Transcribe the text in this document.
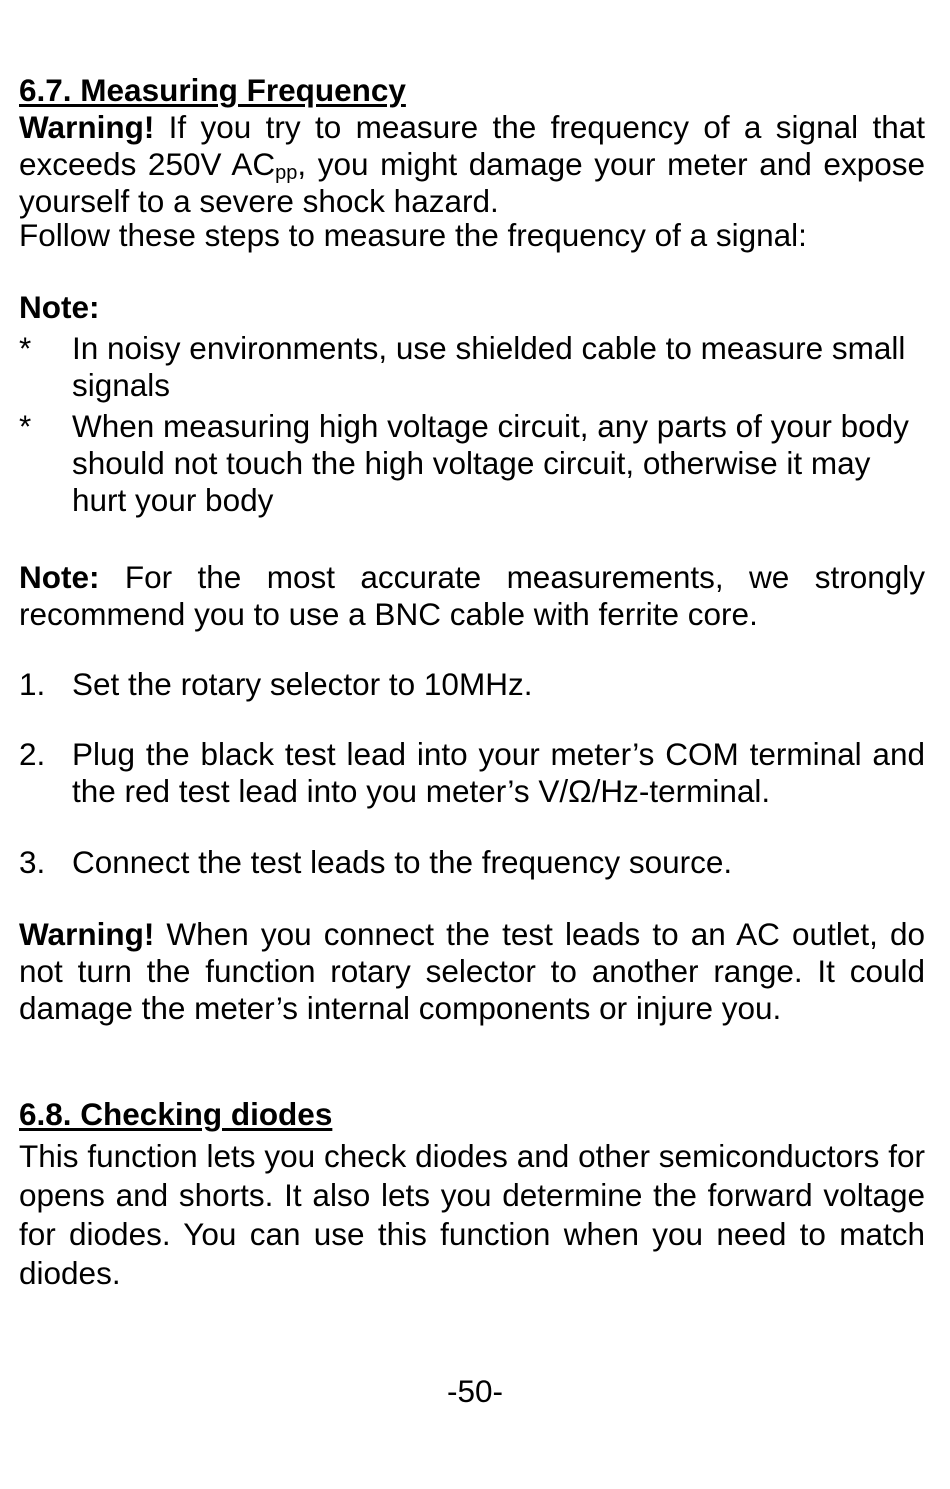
6.7. Measuring Frequency
Warning! If you try to measure the frequency of a signal that exceeds 250V $AC_{pp}$, you might damage your meter and expose yourself to a severe shock hazard.
Follow these steps to measure the frequency of a signal:
Note:
* In noisy environments, use shielded cable to measure small signals
* When measuring high voltage circuit, any parts of your body should not touch the high voltage circuit, otherwise it may hurt your body
Note: For the most accurate measurements, we strongly recommend you to use a BNC cable with ferrite core.
1. Set the rotary selector to 10MHz.
2. Plug the black test lead into your meter’s COM terminal and the red test lead into you meter’s V/Ω/Hz-terminal.
3. Connect the test leads to the frequency source.
Warning! When you connect the test leads to an AC outlet, do not turn the function rotary selector to another range. It could damage the meter’s internal components or injure you.
6.8. Checking diodes
This function lets you check diodes and other semiconductors for opens and shorts. It also lets you determine the forward voltage for diodes. You can use this function when you need to match diodes.
-50-
